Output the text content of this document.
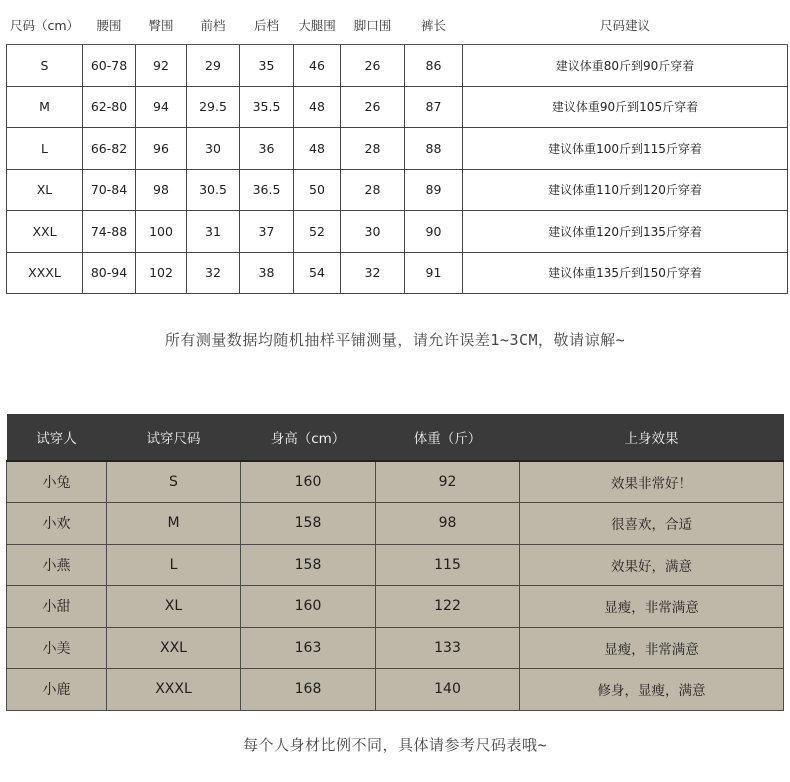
尺码（cm）	腰围	臀围	前档	后档	大腿围	脚口围	裤长	尺码建议
S	60-78	92	29	35	46	26	86	建议体重80斤到90斤穿着
M	62-80	94	29.5	35.5	48	26	87	建议体重90斤到105斤穿着
L	66-82	96	30	36	48	28	88	建议体重100斤到115斤穿着
XL	70-84	98	30.5	36.5	50	28	89	建议体重110斤到120斤穿着
XXL	74-88	100	31	37	52	30	90	建议体重120斤到135斤穿着
XXXL	80-94	102	32	38	54	32	91	建议体重135斤到150斤穿着
所有测量数据均随机抽样平铺测量，请允许误差1~3CM，敬请谅解~
试穿人	试穿尺码	身高（cm）	体重（斤）	上身效果
小兔	S	160	92	效果非常好！
小欢	M	158	98	很喜欢，合适
小燕	L	158	115	效果好，满意
小甜	XL	160	122	显瘦，非常满意
小美	XXL	163	133	显瘦，非常满意
小鹿	XXXL	168	140	修身，显瘦，满意
每个人身材比例不同，具体请参考尺码表哦~
